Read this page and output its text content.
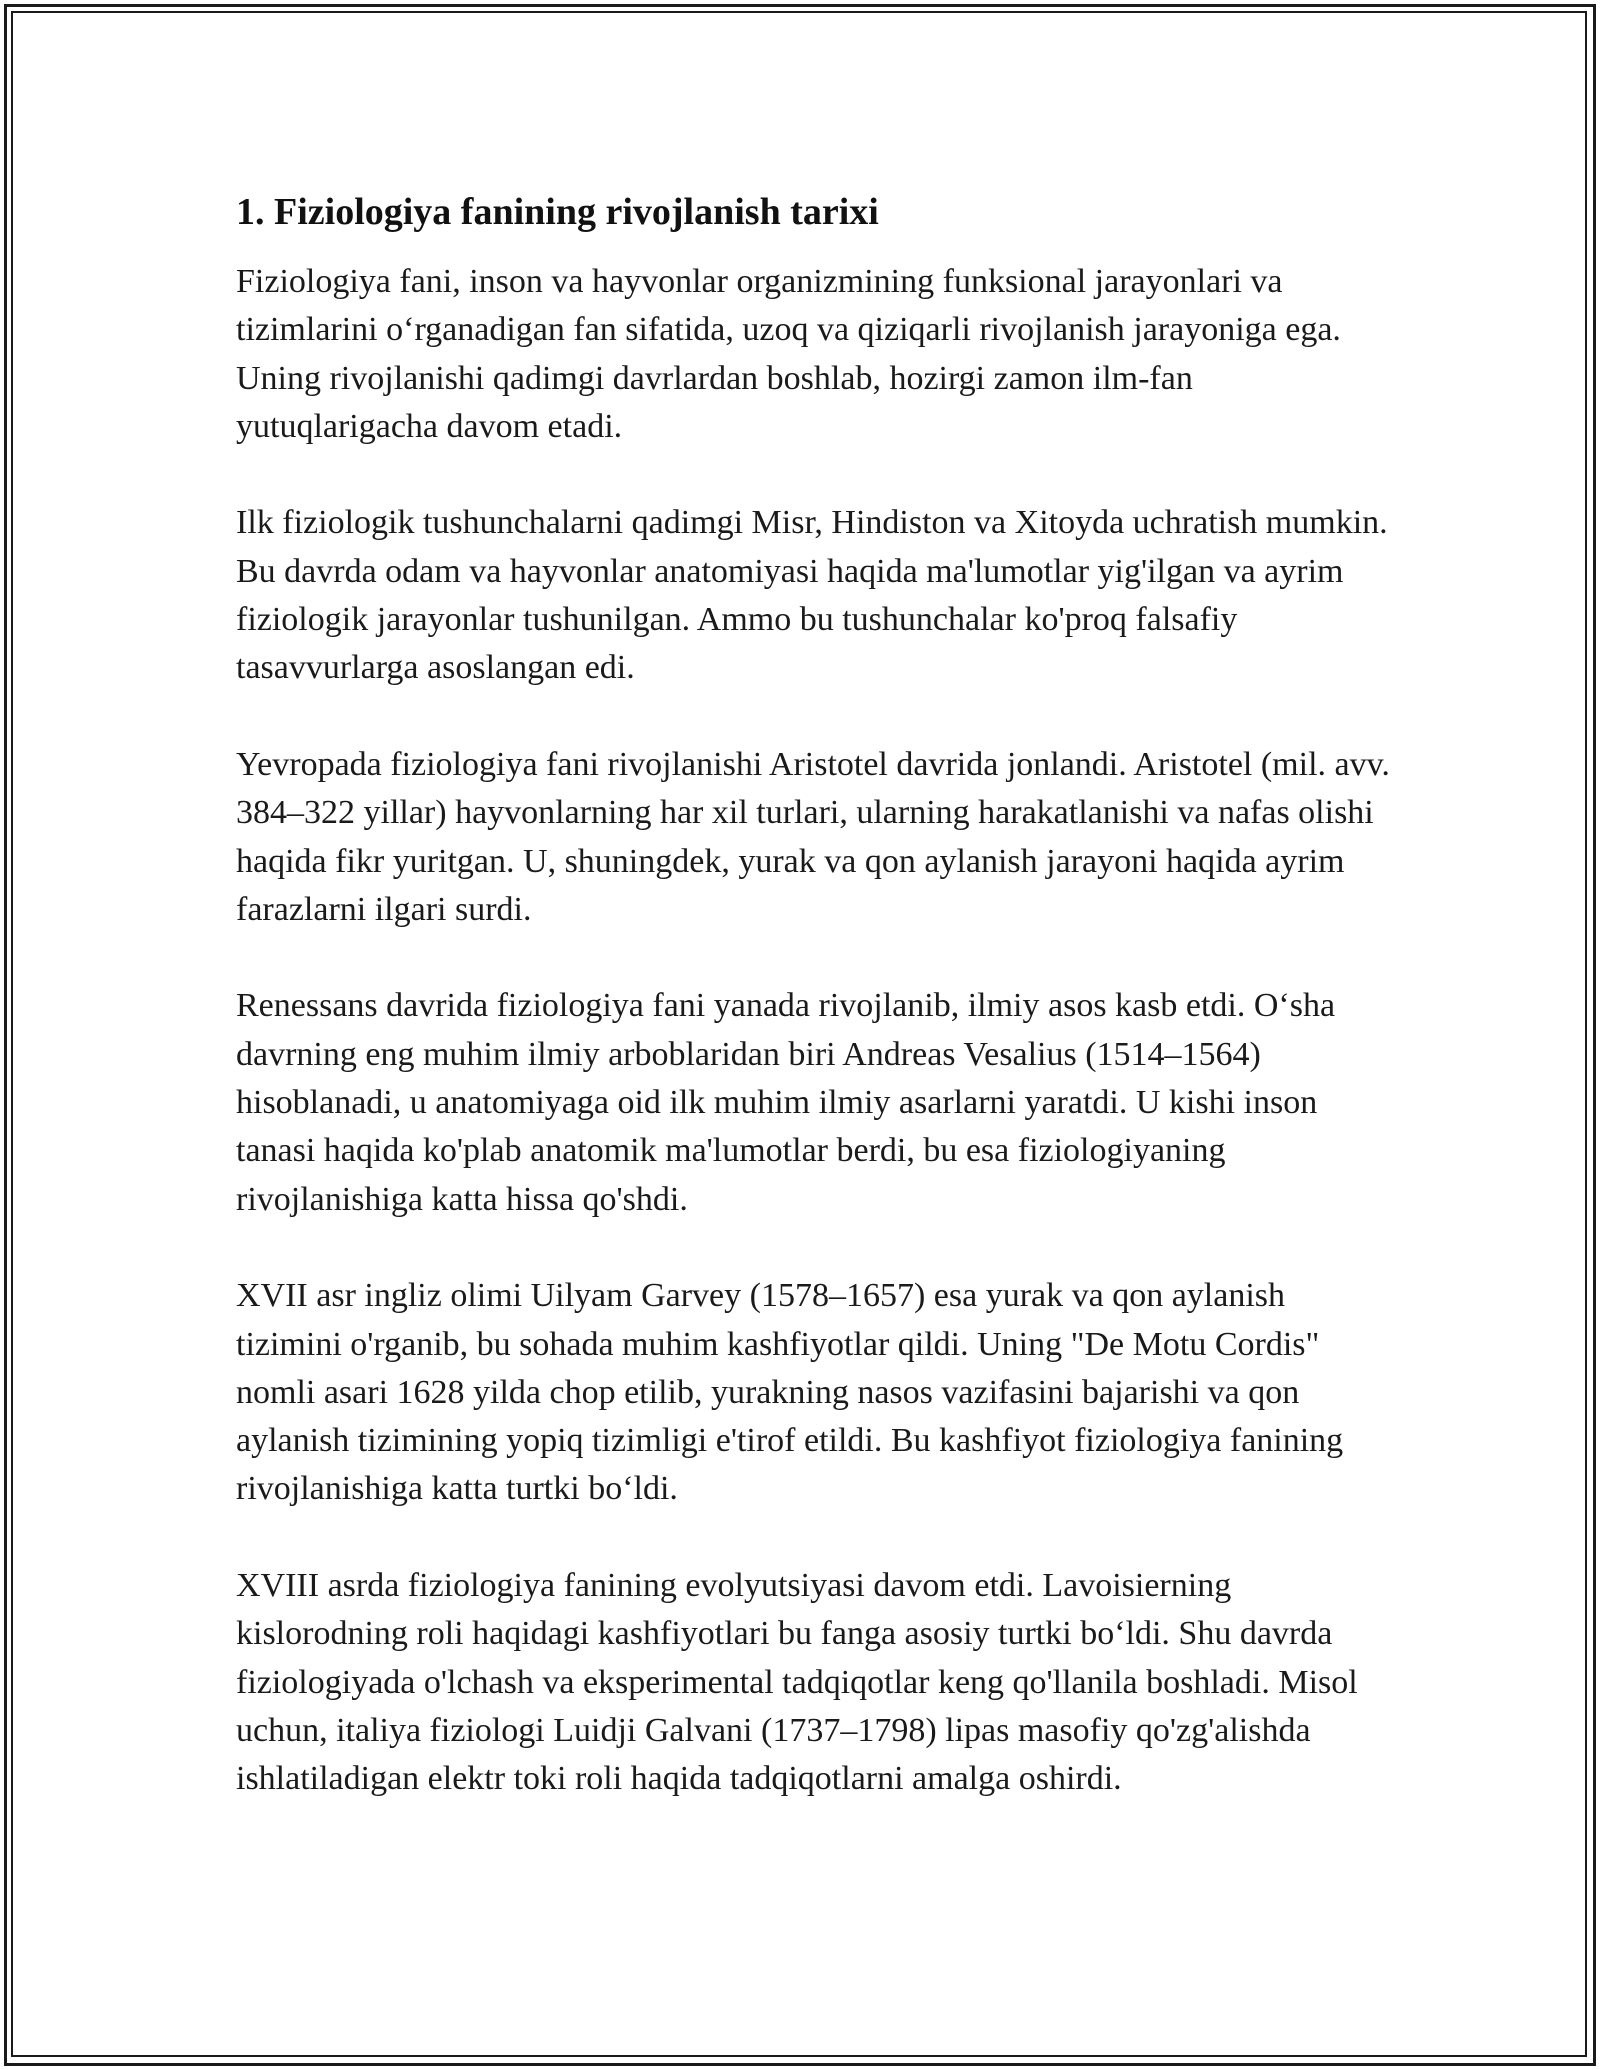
1. Fiziologiya fanining rivojlanish tarixi

Fiziologiya fani, inson va hayvonlar organizmining funksional jarayonlari va tizimlarini o‘rganadigan fan sifatida, uzoq va qiziqarli rivojlanish jarayoniga ega. Uning rivojlanishi qadimgi davrlardan boshlab, hozirgi zamon ilm-fan yutuqlarigacha davom etadi.

Ilk fiziologik tushunchalarni qadimgi Misr, Hindiston va Xitoyda uchratish mumkin. Bu davrda odam va hayvonlar anatomiyasi haqida ma'lumotlar yig'ilgan va ayrim fiziologik jarayonlar tushunilgan. Ammo bu tushunchalar ko'proq falsafiy tasavvurlarga asoslangan edi.

Yevropada fiziologiya fani rivojlanishi Aristotel davrida jonlandi. Aristotel (mil. avv. 384–322 yillar) hayvonlarning har xil turlari, ularning harakatlanishi va nafas olishi haqida fikr yuritgan. U, shuningdek, yurak va qon aylanish jarayoni haqida ayrim farazlarni ilgari surdi.

Renessans davrida fiziologiya fani yanada rivojlanib, ilmiy asos kasb etdi. O‘sha davrning eng muhim ilmiy arboblaridan biri Andreas Vesalius (1514–1564) hisoblanadi, u anatomiyaga oid ilk muhim ilmiy asarlarni yaratdi. U kishi inson tanasi haqida ko'plab anatomik ma'lumotlar berdi, bu esa fiziologiyaning rivojlanishiga katta hissa qo'shdi.

XVII asr ingliz olimi Uilyam Garvey (1578–1657) esa yurak va qon aylanish tizimini o'rganib, bu sohada muhim kashfiyotlar qildi. Uning "De Motu Cordis" nomli asari 1628 yilda chop etilib, yurakning nasos vazifasini bajarishi va qon aylanish tizimining yopiq tizimligi e'tirof etildi. Bu kashfiyot fiziologiya fanining rivojlanishiga katta turtki bo‘ldi.

XVIII asrda fiziologiya fanining evolyutsiyasi davom etdi. Lavoisierning kislorodning roli haqidagi kashfiyotlari bu fanga asosiy turtki bo‘ldi. Shu davrda fiziologiyada o'lchash va eksperimental tadqiqotlar keng qo'llanila boshladi. Misol uchun, italiya fiziologi Luidji Galvani (1737–1798) lipas masofiy qo'zg'alishda ishlatiladigan elektr toki roli haqida tadqiqotlarni amalga oshirdi.
